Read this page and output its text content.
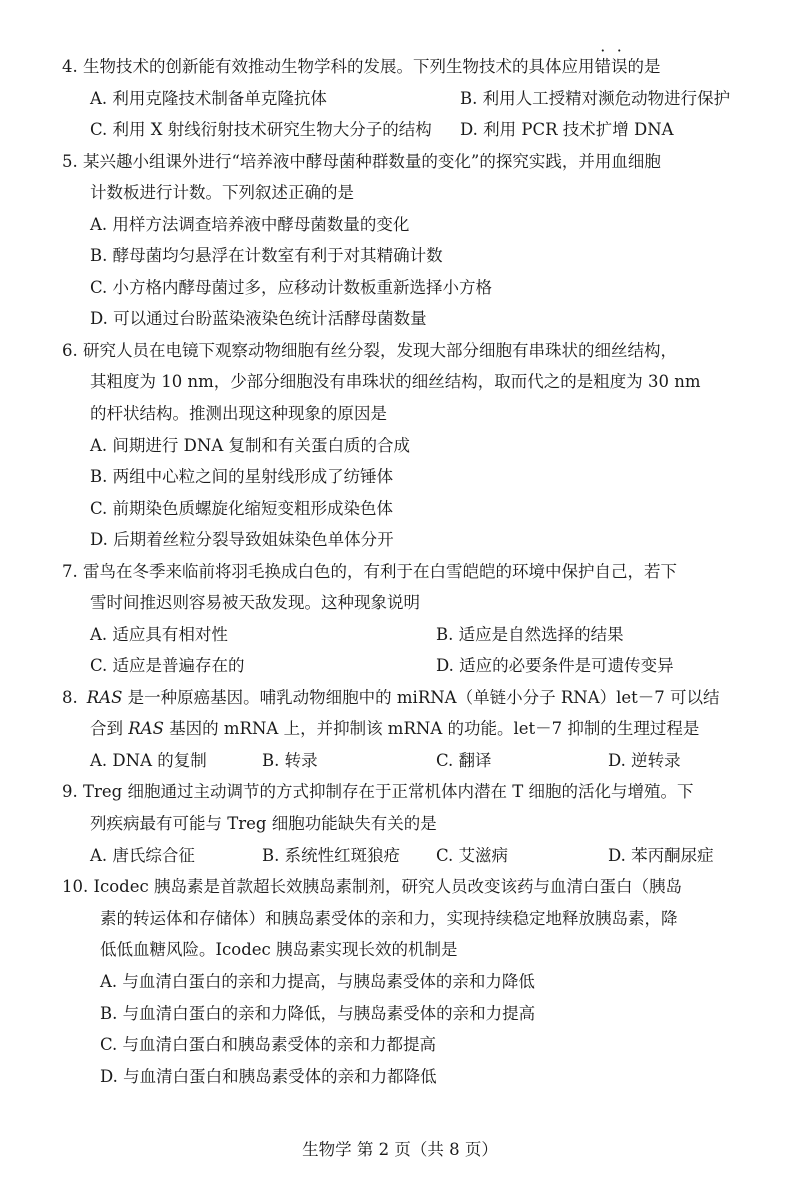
4. 生物技术的创新能有效推动生物学科的发展。下列生物技术的具体应用错误的是
A. 利用克隆技术制备单克隆抗体	B. 利用人工授精对濒危动物进行保护
C. 利用 X 射线衍射技术研究生物大分子的结构 D. 利用 PCR 技术扩增 DNA
5. 某兴趣小组课外进行“培养液中酵母菌种群数量的变化”的探究实践，并用血细胞
计数板进行计数。下列叙述正确的是
A. 用样方法调查培养液中酵母菌数量的变化
B. 酵母菌均匀悬浮在计数室有利于对其精确计数
C. 小方格内酵母菌过多，应移动计数板重新选择小方格
D. 可以通过台盼蓝染液染色统计活酵母菌数量
6. 研究人员在电镜下观察动物细胞有丝分裂，发现大部分细胞有串珠状的细丝结构，
其粗度为 10 nm，少部分细胞没有串珠状的细丝结构，取而代之的是粗度为 30 nm
的杆状结构。推测出现这种现象的原因是
A. 间期进行 DNA 复制和有关蛋白质的合成
B. 两组中心粒之间的星射线形成了纺锤体
C. 前期染色质螺旋化缩短变粗形成染色体
D. 后期着丝粒分裂导致姐妹染色单体分开
7. 雷鸟在冬季来临前将羽毛换成白色的，有利于在白雪皑皑的环境中保护自己，若下
雪时间推迟则容易被天敌发现。这种现象说明
A. 适应具有相对性	B. 适应是自然选择的结果
C. 适应是普遍存在的	D. 适应的必要条件是可遗传变异
8. RAS 是一种原癌基因。哺乳动物细胞中的 miRNA（单链小分子 RNA）let－7 可以结
合到 RAS 基因的 mRNA 上，并抑制该 mRNA 的功能。let－7 抑制的生理过程是
A. DNA 的复制	B. 转录	C. 翻译	D. 逆转录
9. Treg 细胞通过主动调节的方式抑制存在于正常机体内潜在 T 细胞的活化与增殖。下
列疾病最有可能与 Treg 细胞功能缺失有关的是
A. 唐氏综合征	B. 系统性红斑狼疮 C. 艾滋病	D. 苯丙酮尿症
10. Icodec 胰岛素是首款超长效胰岛素制剂，研究人员改变该药与血清白蛋白（胰岛
素的转运体和存储体）和胰岛素受体的亲和力，实现持续稳定地释放胰岛素，降
低低血糖风险。Icodec 胰岛素实现长效的机制是
A. 与血清白蛋白的亲和力提高，与胰岛素受体的亲和力降低
B. 与血清白蛋白的亲和力降低，与胰岛素受体的亲和力提高
C. 与血清白蛋白和胰岛素受体的亲和力都提高
D. 与血清白蛋白和胰岛素受体的亲和力都降低
生物学 第 2 页（共 8 页）
